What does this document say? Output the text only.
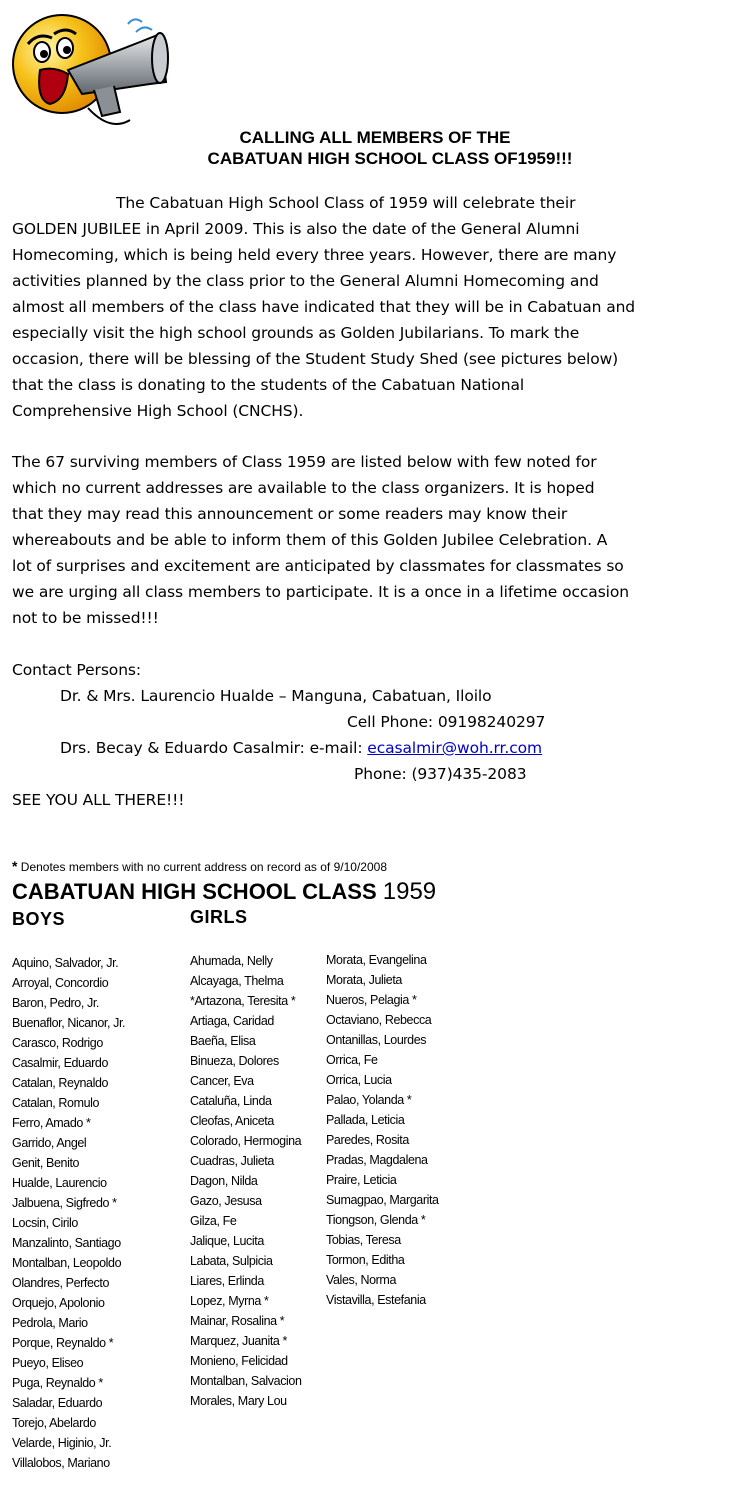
CALLING ALL MEMBERS OF THE
CABATUAN HIGH SCHOOL CLASS OF1959!!!
The Cabatuan High School Class of 1959 will celebrate their
GOLDEN JUBILEE in April 2009. This is also the date of the General Alumni
Homecoming, which is being held every three years. However, there are many
activities planned by the class prior to the General Alumni Homecoming and
almost all members of the class have indicated that they will be in Cabatuan and
especially visit the high school grounds as Golden Jubilarians. To mark the
occasion, there will be blessing of the Student Study Shed (see pictures below)
that the class is donating to the students of the Cabatuan National
Comprehensive High School (CNCHS).
The 67 surviving members of Class 1959 are listed below with few noted for
which no current addresses are available to the class organizers. It is hoped
that they may read this announcement or some readers may know their
whereabouts and be able to inform them of this Golden Jubilee Celebration. A
lot of surprises and excitement are anticipated by classmates for classmates so
we are urging all class members to participate. It is a once in a lifetime occasion
not to be missed!!!
Contact Persons:
Dr. & Mrs. Laurencio Hualde – Manguna, Cabatuan, Iloilo
Cell Phone: 09198240297
Drs. Becay & Eduardo Casalmir: e-mail: ecasalmir@woh.rr.com
Phone: (937)435-2083
SEE YOU ALL THERE!!!
* Denotes members with no current address on record as of 9/10/2008
CABATUAN HIGH SCHOOL CLASS 1959
BOYS	GIRLS
Aquino, Salvador, Jr.
Arroyal, Concordio
Baron, Pedro, Jr.
Buenaflor, Nicanor, Jr.
Carasco, Rodrigo
Casalmir, Eduardo
Catalan, Reynaldo
Catalan, Romulo
Ferro, Amado *
Garrido, Angel
Genit, Benito
Hualde, Laurencio
Jalbuena, Sigfredo *
Locsin, Cirilo
Manzalinto, Santiago
Montalban, Leopoldo
Olandres, Perfecto
Orquejo, Apolonio
Pedrola, Mario
Porque, Reynaldo *
Pueyo, Eliseo
Puga, Reynaldo *
Saladar, Eduardo
Torejo, Abelardo
Velarde, Higinio, Jr.
Villalobos, Mariano
Ahumada, Nelly
Alcayaga, Thelma
*Artazona, Teresita *
Artiaga, Caridad
Baeña, Elisa
Binueza, Dolores
Cancer, Eva
Cataluña, Linda
Cleofas, Aniceta
Colorado, Hermogina
Cuadras, Julieta
Dagon, Nilda
Gazo, Jesusa
Gilza, Fe
Jalique, Lucita
Labata, Sulpicia
Liares, Erlinda
Lopez, Myrna *
Mainar, Rosalina *
Marquez, Juanita *
Monieno, Felicidad
Montalban, Salvacion
Morales, Mary Lou
Morata, Evangelina
Morata, Julieta
Nueros, Pelagia *
Octaviano, Rebecca
Ontanillas, Lourdes
Orrica, Fe
Orrica, Lucia
Palao, Yolanda *
Pallada, Leticia
Paredes, Rosita
Pradas, Magdalena
Praire, Leticia
Sumagpao, Margarita
Tiongson, Glenda *
Tobias, Teresa
Tormon, Editha
Vales, Norma
Vistavilla, Estefania
